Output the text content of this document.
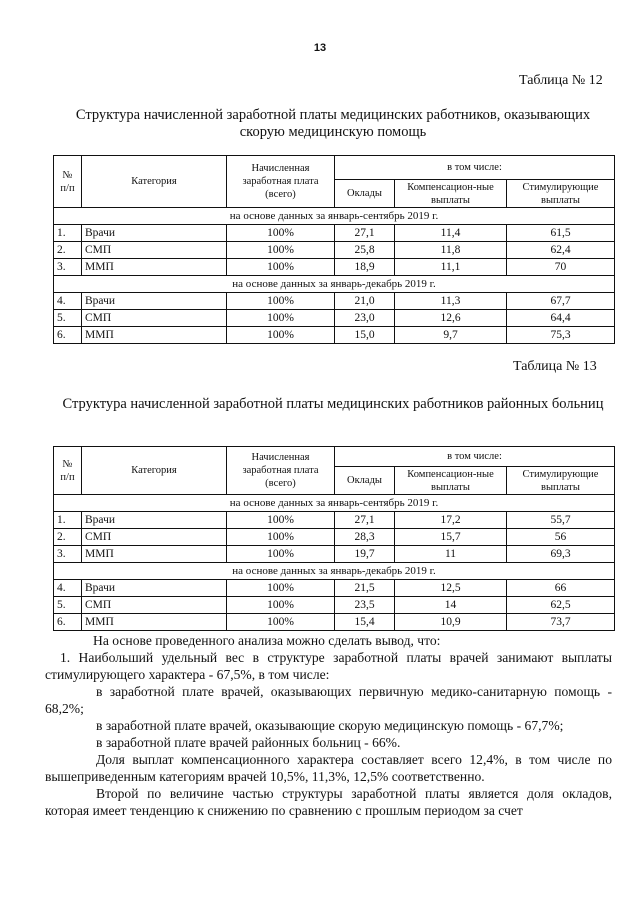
13
Таблица № 12
Структура начисленной заработной платы медицинских работников, оказывающих скорую медицинскую помощь
№ п/п	Категория	Начисленная заработная плата (всего)	в том числе:		
			Оклады	Компенсацион-ные выплаты	Стимулирующие выплаты
на основе данных за январь-сентябрь 2019 г.					
1.	Врачи	100%	27,1	11,4	61,5
2.	СМП	100%	25,8	11,8	62,4
3.	ММП	100%	18,9	11,1	70
на основе данных за январь-декабрь 2019 г.					
4.	Врачи	100%	21,0	11,3	67,7
5.	СМП	100%	23,0	12,6	64,4
6.	ММП	100%	15,0	9,7	75,3
Таблица № 13
Структура начисленной заработной платы медицинских работников районных больниц
№ п/п	Категория	Начисленная заработная плата (всего)	в том числе:		
			Оклады	Компенсацион-ные выплаты	Стимулирующие выплаты
на основе данных за январь-сентябрь 2019 г.					
1.	Врачи	100%	27,1	17,2	55,7
2.	СМП	100%	28,3	15,7	56
3.	ММП	100%	19,7	11	69,3
на основе данных за январь-декабрь 2019 г.					
4.	Врачи	100%	21,5	12,5	66
5.	СМП	100%	23,5	14	62,5
6.	ММП	100%	15,4	10,9	73,7

На основе проведенного анализа можно сделать вывод, что:

1. Наибольший удельный вес в структуре заработной платы врачей занимают выплаты стимулирующего характера - 67,5%, в том числе:

в заработной плате врачей, оказывающих первичную медико-санитарную помощь - 68,2%;

в заработной плате врачей, оказывающие скорую медицинскую помощь - 67,7%;

в заработной плате врачей районных больниц - 66%.

Доля выплат компенсационного характера составляет всего 12,4%, в том числе по вышеприведенным категориям врачей 10,5%, 11,3%, 12,5% соответственно.

Второй по величине частью структуры заработной платы является доля окладов, которая имеет тенденцию к снижению по сравнению с прошлым периодом за счет
